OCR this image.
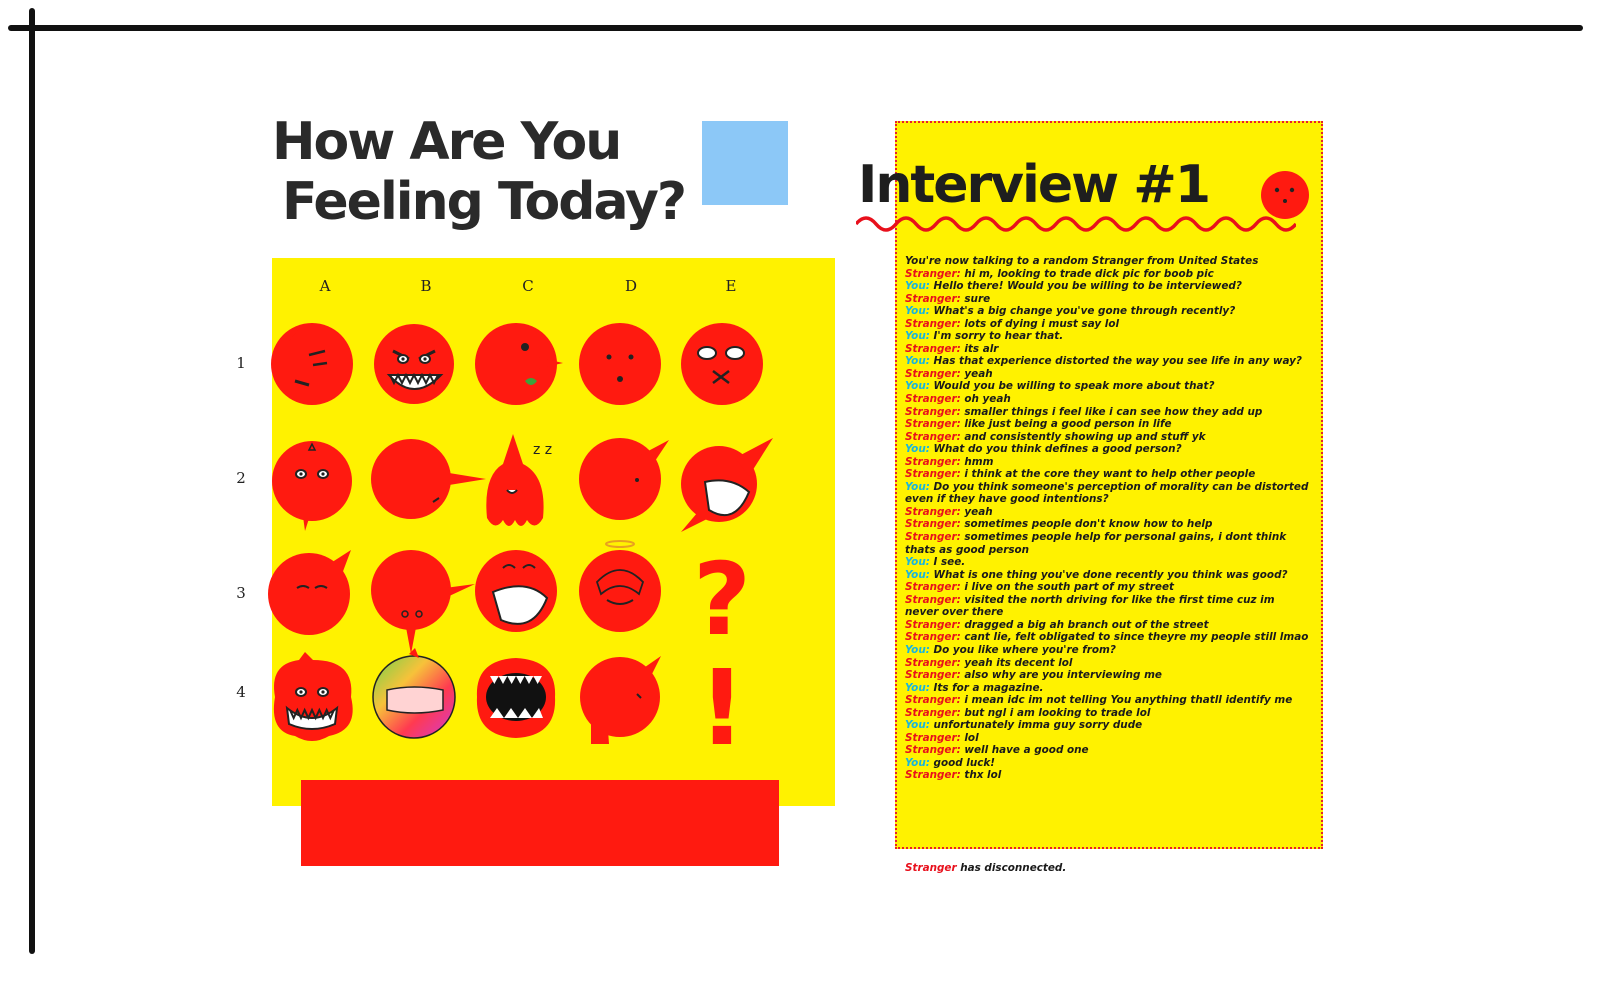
How Are You
Feeling Today?
A	B	C	D	E
1
2
3
4
z z
?
!
Interview #1
You're now talking to a random Stranger from United States
Stranger: hi m, looking to trade dick pic for boob pic
You: Hello there! Would you be willing to be interviewed?
Stranger: sure
You: What's a big change you've gone through recently?
Stranger: lots of dying i must say lol
You: I'm sorry to hear that.
Stranger: its alr
You: Has that experience distorted the way you see life in any way?
Stranger: yeah
You: Would you be willing to speak more about that?
Stranger: oh yeah
Stranger: smaller things i feel like i can see how they add up
Stranger: like just being a good person in life
Stranger: and consistently showing up and stuff yk
You: What do you think defines a good person?
Stranger: hmm
Stranger: i think at the core they want to help other people
You: Do you think someone's perception of morality can be distorted even if they have good intentions?
Stranger: yeah
Stranger: sometimes people don't know how to help
Stranger: sometimes people help for personal gains, i dont think thats as good person
You: I see.
You: What is one thing you've done recently you think was good?
Stranger: i live on the south part of my street
Stranger: visited the north driving for like the first time cuz im never over there
Stranger: dragged a big ah branch out of the street
Stranger: cant lie, felt obligated to since theyre my people still lmao
You: Do you like where you're from?
Stranger: yeah its decent lol
Stranger: also why are you interviewing me
You: Its for a magazine.
Stranger: i mean idc im not telling You anything thatll identify me
Stranger: but ngl i am looking to trade lol
You: unfortunately imma guy sorry dude
Stranger: lol
Stranger: well have a good one
You: good luck!
Stranger: thx lol
Stranger has disconnected.
